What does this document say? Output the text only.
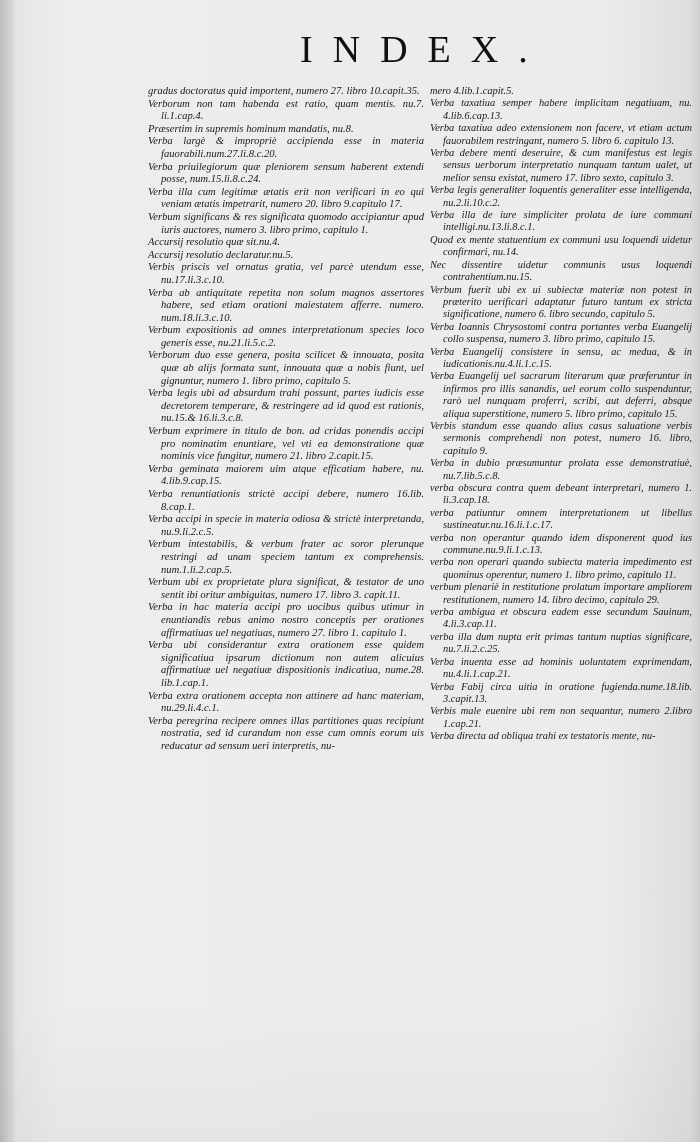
INDEX.

gradus doctoratus quid importent, numero 27. libro 10.capit.35.

Verborum non tam habenda est ratio, quam mentis. nu.7. li.1.cap.4.

Præsertim in supremis hominum mandatis, nu.8.

Verba largè & impropriè accipienda esse in materia fauorabili.num.27.li.8.c.20.

Verba priuilegiorum quæ pleniorem sensum haberent extendi posse, num.15.li.8.c.24.

Verba illa cum legitimæ ætatis erit non verificari in eo qui veniam ætatis impetrarit, numero 20. libro 9.capitulo 17.

Verbum significans & res significata quomodo accipiantur apud iuris auctores, numero 3. libro primo, capitulo 1.

Accursij resolutio quæ sit.nu.4.

Accursij resolutio declaratur.nu.5.

Verbis priscis vel ornatus gratia, vel parcè utendum esse, nu.17.li.3.c.10.

Verba ab antiquitate repetita non solum magnos assertores habere, sed etiam orationi maiestatem afferre. numero. num.18.li.3.c.10.

Verbum expositionis ad omnes interpretationum species loco generis esse, nu.21.li.5.c.2.

Verborum duo esse genera, posita scilicet & innouata, posita quæ ab alijs formata sunt, innouata quæ a nobis fiunt, uel gignuntur, numero 1. libro primo, capitulo 5.

Verba legis ubi ad absurdum trahi possunt, partes iudicis esse decretorem temperare, & restringere ad id quod est rationis, nu.15.& 16.li.3.c.8.

Verbum exprimere in titulo de bon. ad cridas ponendis accipi pro nominatim enuntiare, vel vti ea demonstratione quæ nominis vice fungitur, numero 21. libro 2.capit.15.

Verba geminata maiorem uim atque efficatiam habere, nu. 4.lib.9.cap.15.

Verba renuntiationis strictè accipi debere, numero 16.lib. 8.cap.1.

Verba accipi in specie in materia odiosa & strictè interpretanda, nu.9.li.2.c.5.

Verbum intestabilis, & verbum frater ac soror plerunque restringi ad unam speciem tantum ex comprehensis. num.1.li.2.cap.5.

Verbum ubi ex proprietate plura significat, & testator de uno sentit ibi oritur ambiguitas, numero 17. libro 3. capit.11.

Verba in hac materia accipi pro uocibus quibus utimur in enuntiandis rebus animo nostro conceptis per orationes affirmatiuas uel negatiuas, numero 27. libro 1. capitulo 1.

Verba ubi considerantur extra orationem esse quidem significatiua ipsarum dictionum non autem alicuius affirmatiuæ uel negatiuæ dispositionis indicatiua, nume.28. lib.1.cap.1.

Verba extra orationem accepta non attinere ad hanc materiam, nu.29.li.4.c.1.

Verba peregrina recipere omnes illas partitiones quas recipiunt nostratia, sed id curandum non esse cum omnis eorum uis reducatur ad sensum ueri interpretis, nu-

mero 4.lib.1.capit.5.

Verba taxatiua semper habere implicitam negatiuam, nu. 4.lib.6.cap.13.

Verba taxatiua adeo extensionem non facere, vt etiam actum fauorabilem restringant, numero 5. libro 6. capitulo 13.

Verba debere menti deseruire, & cum manifestus est legis sensus uerborum interpretatio nunquam tantum ualet, ut melior sensu existat, numero 17. libro sexto, capitulo 3.

Verba legis generaliter loquentis generaliter esse intelligenda, nu.2.li.10.c.2.

Verba illa de iure simpliciter prolata de iure communi intelligi.nu.13.li.8.c.1.

Quod ex mente statuentium ex communi usu loquendi uidetur confirmari, nu.14.

Nec dissentire uidetur communis usus loquendi contrahentium.nu.15.

Verbum fuerit ubi ex ui subiectæ materiæ non potest in præterito uerificari adaptatur futuro tantum ex stricta significatione, numero 6. libro secundo, capitulo 5.

Verba Ioannis Chrysostomi contra portantes verba Euangelij collo suspensa, numero 3. libro primo, capitulo 15.

Verba Euangelij consistere in sensu, ac medua, & in iudicationis.nu.4.li.1.c.15.

Verba Euangelij uel sacrarum literarum quæ præferuntur in infirmos pro illis sanandis, uel eorum collo suspenduntur, rarò uel nunquam proferri, scribi, aut deferri, absque aliqua superstitione, numero 5. libro primo, capitulo 15.

Verbis standum esse quando alius casus saluatione verbis sermonis comprehendi non potest, numero 16. libro, capitulo 9.

Verba in dubio præsumuntur prolata esse demonstratiuè, nu.7.lib.5.c.8.

verba obscura contra quem debeant interpretari, numero 1. li.3.cap.18.

verba patiuntur omnem interpretationem ut libellus sustineatur.nu.16.li.1.c.17.

verba non operantur quando idem disponerent quod ius commune.nu.9.li.1.c.13.

verba non operari quando subiecta materia impedimento est quominus operentur, numero 1. libro primo, capitulo 11.

verbum plenariè in restitutione prolatum importare ampliorem restitutionem, numero 14. libro decimo, capitulo 29.

verba ambigua et obscura eadem esse secundum Sauinum, 4.li.3.cap.11.

verba illa dum nupta erit primas tantum nuptias significare, nu.7.li.2.c.25.

Verba inuenta esse ad hominis uoluntatem exprimendam, nu.4.li.1.cap.21.

Verba Fabij circa uitia in oratione fugienda.nume.18.lib. 3.capit.13.

Verbis male euenire ubi rem non sequantur, numero 2.libro 1.cap.21.

Verba directa ad obliqua trahi ex testatoris mente, nu-
